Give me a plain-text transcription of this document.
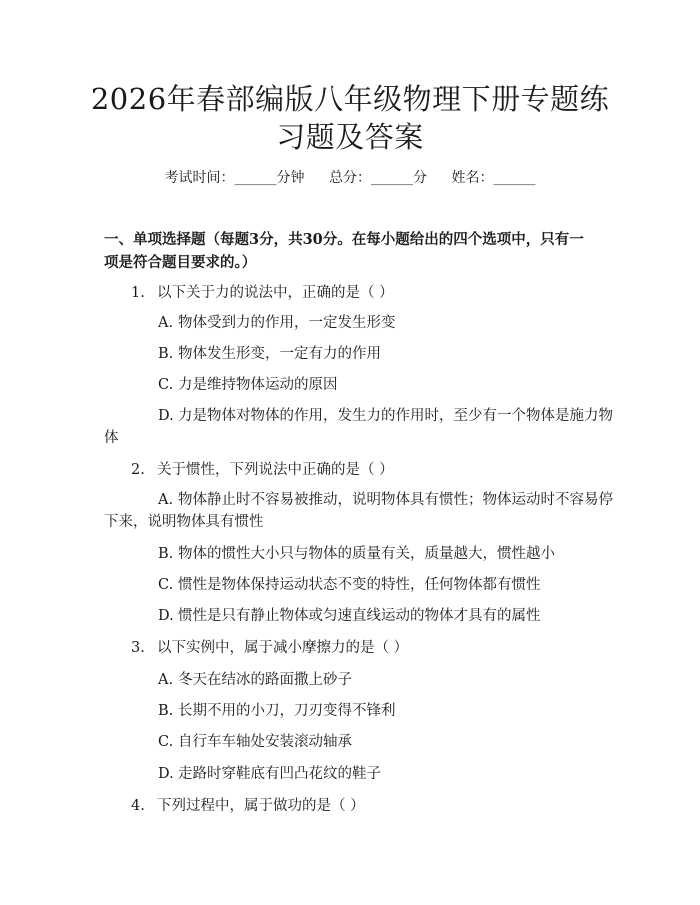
2026年春部编版八年级物理下册专题练习题及答案
考试时间：______分钟 总分：______分 姓名：______

一、单项选择题（每题3分，共30分。在每小题给出的四个选项中，只有一项是符合题目要求的。）

1. 以下关于力的说法中，正确的是（ ）
A. 物体受到力的作用，一定发生形变
B. 物体发生形变，一定有力的作用
C. 力是维持物体运动的原因
D. 力是物体对物体的作用，发生力的作用时，至少有一个物体是施力物
体
2. 关于惯性，下列说法中正确的是（ ）
A. 物体静止时不容易被推动，说明物体具有惯性；物体运动时不容易停
下来，说明物体具有惯性
B. 物体的惯性大小只与物体的质量有关，质量越大，惯性越小
C. 惯性是物体保持运动状态不变的特性，任何物体都有惯性
D. 惯性是只有静止物体或匀速直线运动的物体才具有的属性
3. 以下实例中，属于减小摩擦力的是（ ）
A. 冬天在结冰的路面撒上砂子
B. 长期不用的小刀，刀刃变得不锋利
C. 自行车车轴处安装滚动轴承
D. 走路时穿鞋底有凹凸花纹的鞋子
4. 下列过程中，属于做功的是（ ）
